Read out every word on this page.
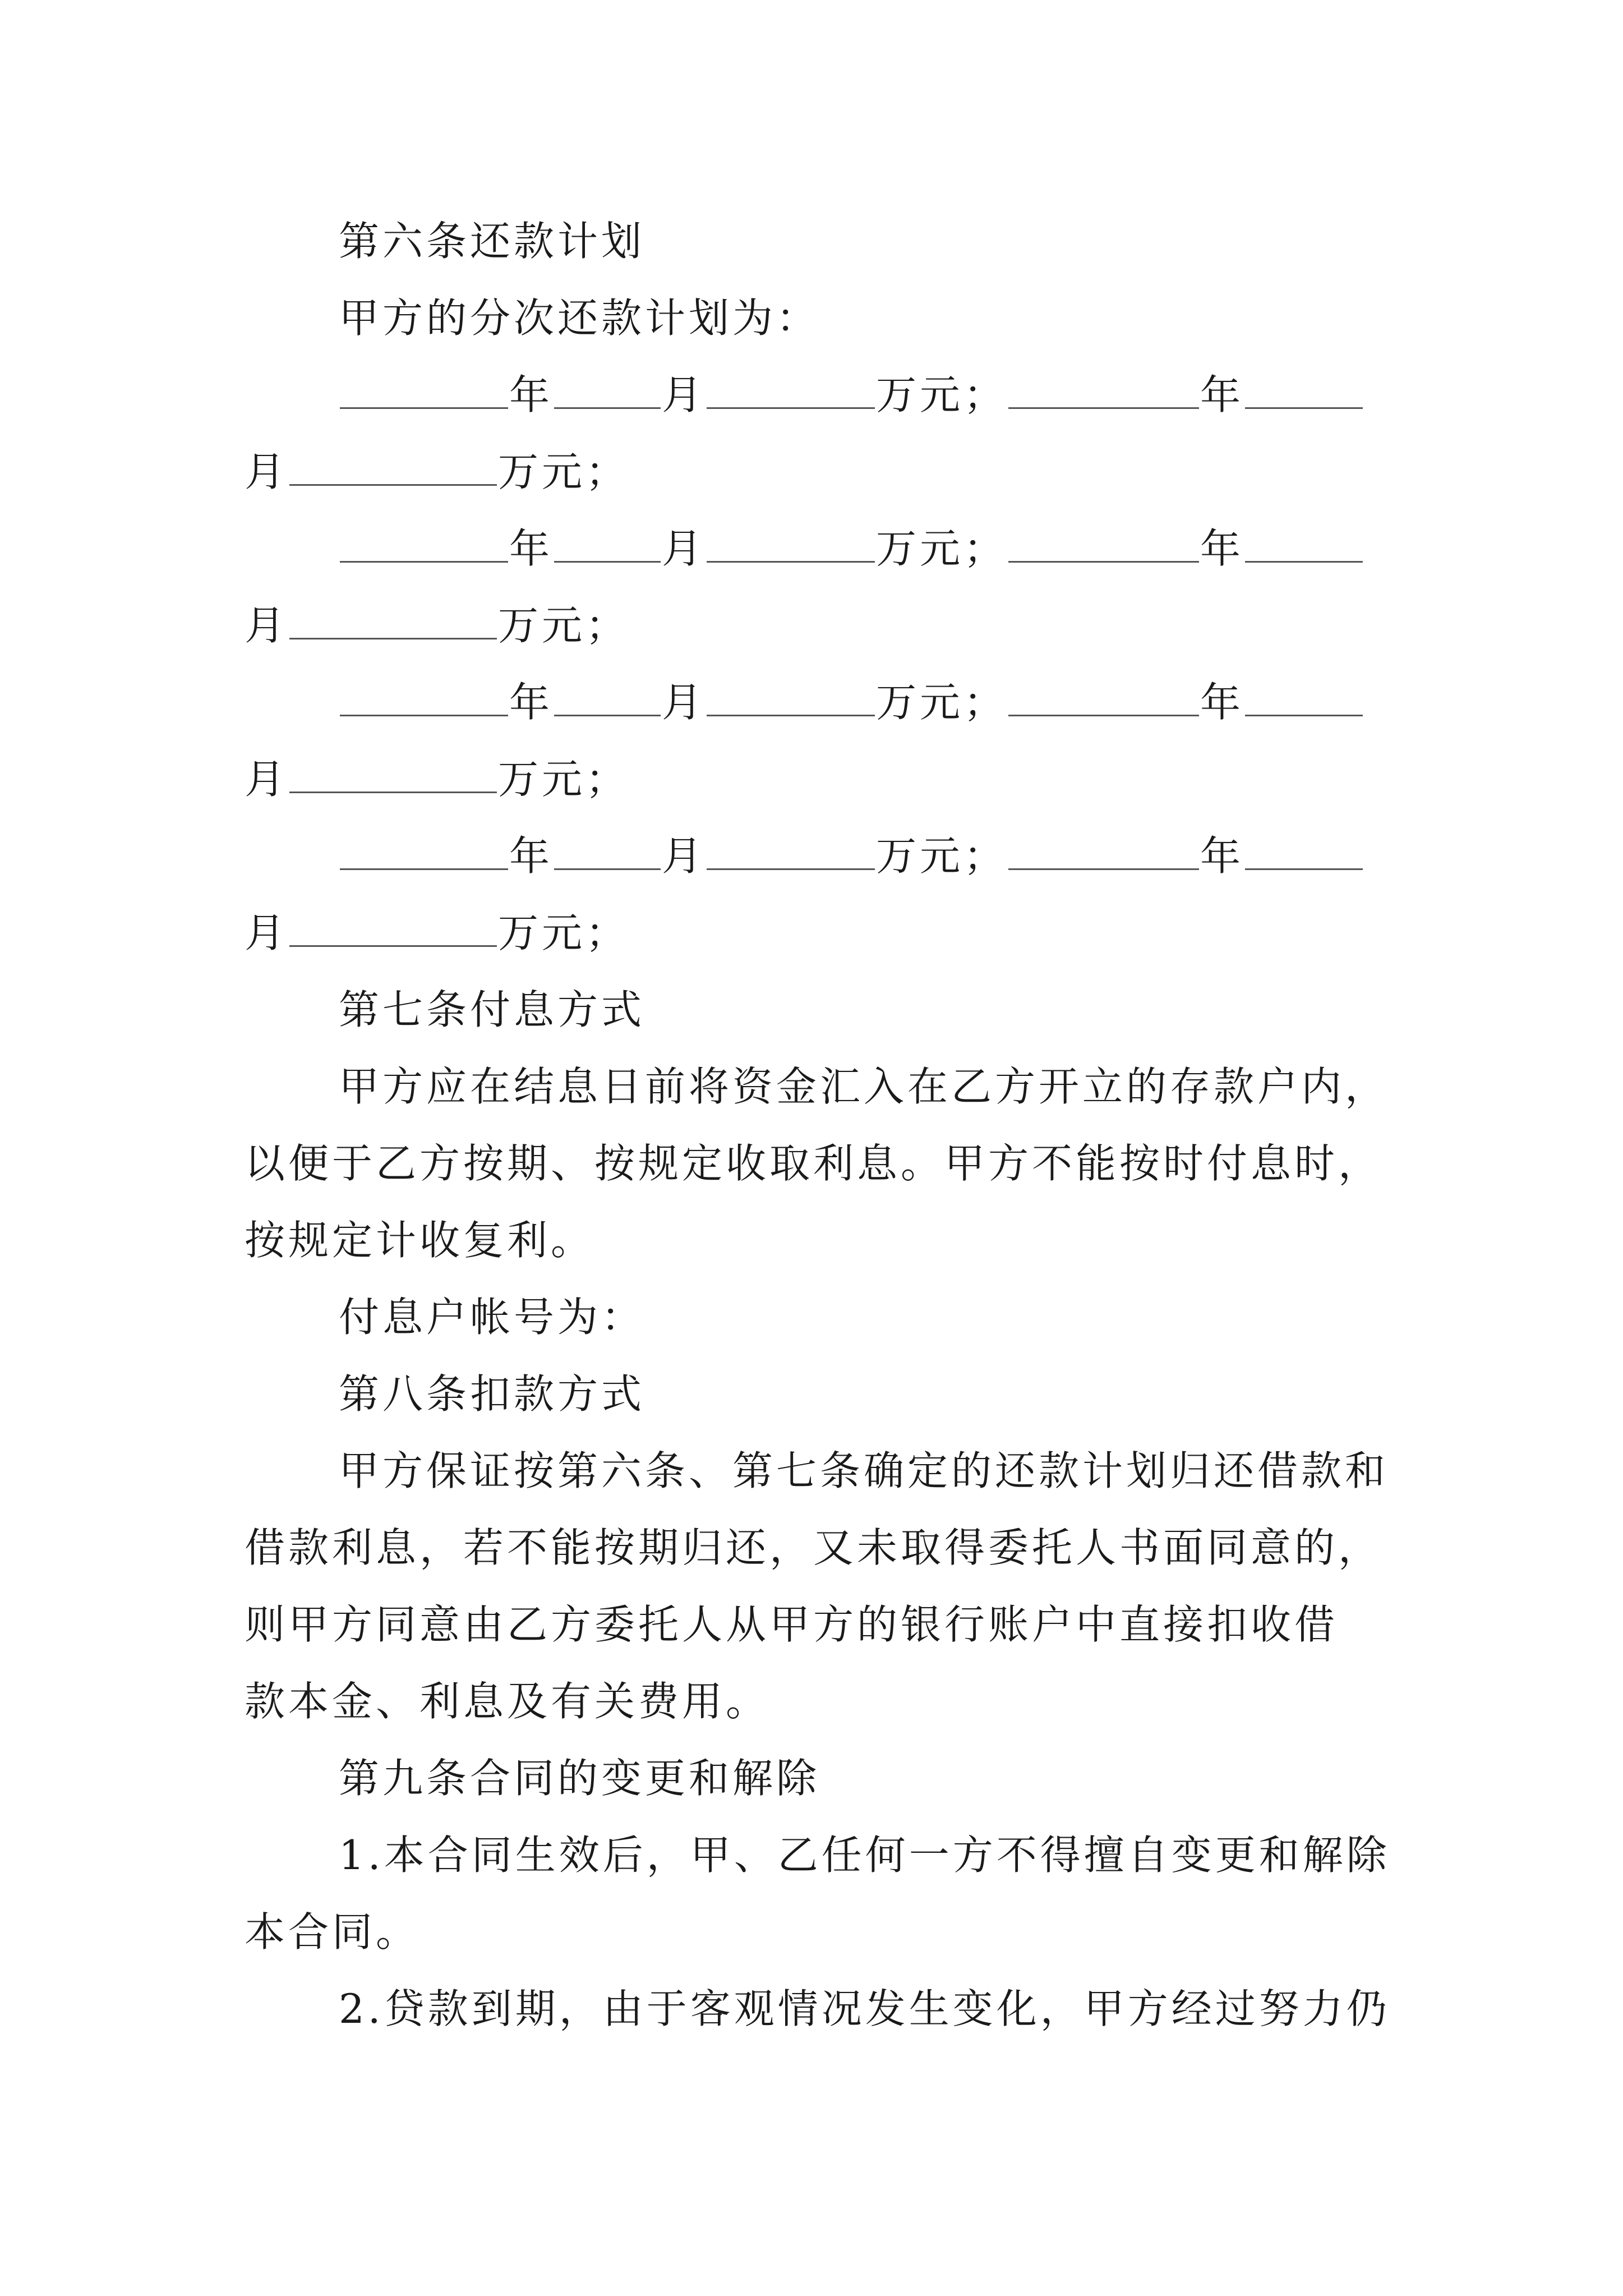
第六条还款计划
甲方的分次还款计划为：
年	月	万元；	年
月	万元；
年	月	万元；	年
月	万元；
年	月	万元；	年
月	万元；
年	月	万元；	年
月	万元；
第七条付息方式
甲方应在结息日前将资金汇入在乙方开立的存款户内，
以便于乙方按期、按规定收取利息。甲方不能按时付息时，
按规定计收复利。
付息户帐号为：
第八条扣款方式
甲方保证按第六条、第七条确定的还款计划归还借款和
借款利息，若不能按期归还，又未取得委托人书面同意的，
则甲方同意由乙方委托人从甲方的银行账户中直接扣收借
款本金、利息及有关费用。
第九条合同的变更和解除
1.本合同生效后，甲、乙任何一方不得擅自变更和解除
本合同。
2.贷款到期，由于客观情况发生变化，甲方经过努力仍
